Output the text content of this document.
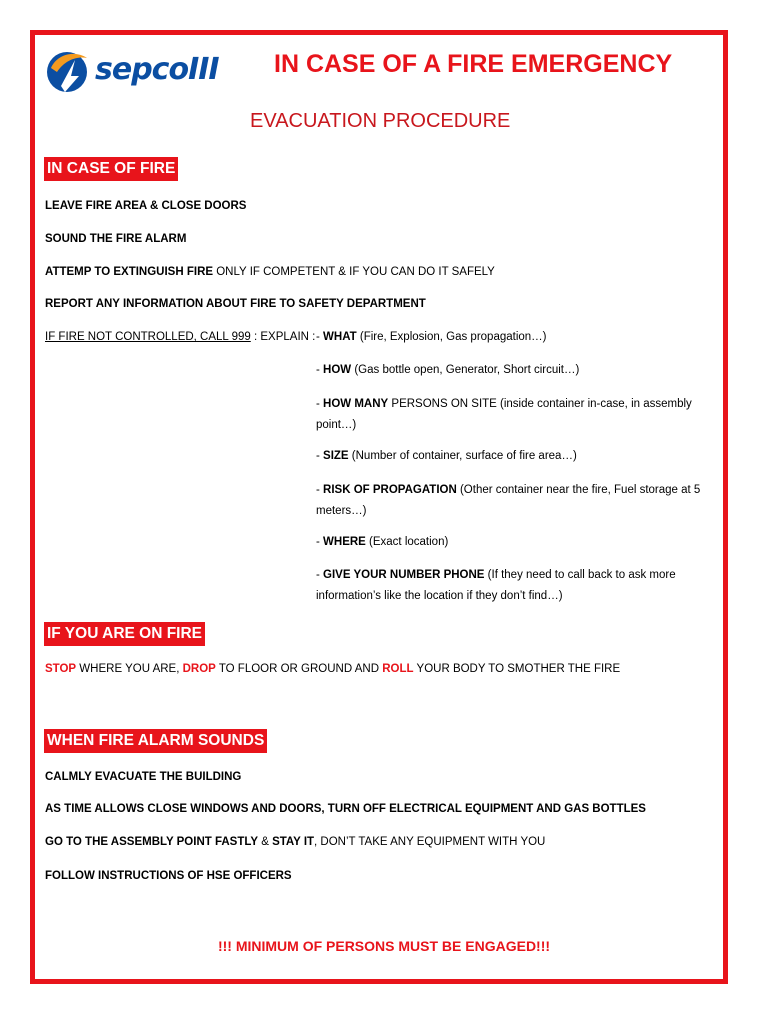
sepcoIII IN CASE OF A FIRE EMERGENCY
EVACUATION PROCEDURE
IN CASE OF FIRE
LEAVE FIRE AREA & CLOSE DOORS
SOUND THE FIRE ALARM
ATTEMP TO EXTINGUISH FIRE ONLY IF COMPETENT & IF YOU CAN DO IT SAFELY
REPORT ANY INFORMATION ABOUT FIRE TO SAFETY DEPARTMENT
IF FIRE NOT CONTROLLED, CALL 999 : EXPLAIN : - WHAT (Fire, Explosion, Gas propagation…)
- HOW (Gas bottle open, Generator, Short circuit…)
- HOW MANY PERSONS ON SITE (inside container in-case, in assembly point…)
- SIZE (Number of container, surface of fire area…)
- RISK OF PROPAGATION (Other container near the fire, Fuel storage at 5 meters…)
- WHERE (Exact location)
- GIVE YOUR NUMBER PHONE (If they need to call back to ask more information’s like the location if they don’t find…)
IF YOU ARE ON FIRE
STOP WHERE YOU ARE, DROP TO FLOOR OR GROUND AND ROLL YOUR BODY TO SMOTHER THE FIRE
WHEN FIRE ALARM SOUNDS
CALMLY EVACUATE THE BUILDING
AS TIME ALLOWS CLOSE WINDOWS AND DOORS, TURN OFF ELECTRICAL EQUIPMENT AND GAS BOTTLES
GO TO THE ASSEMBLY POINT FASTLY & STAY IT, DON’T TAKE ANY EQUIPMENT WITH YOU
FOLLOW INSTRUCTIONS OF HSE OFFICERS
!!! MINIMUM OF PERSONS MUST BE ENGAGED!!!
